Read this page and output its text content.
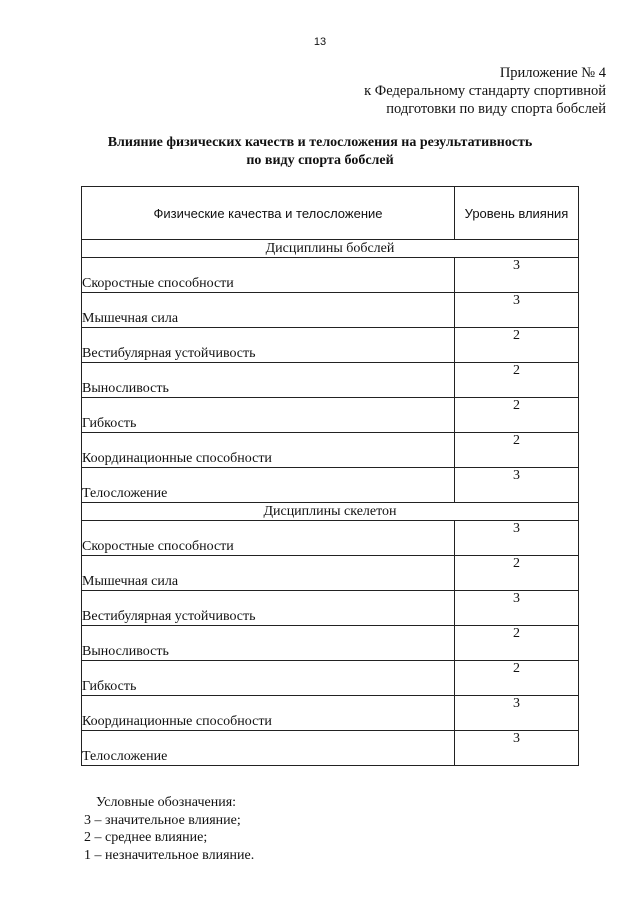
13
Приложение № 4
к Федеральному стандарту спортивной
подготовки по виду спорта бобслей
Влияние физических качеств и телосложения на результативность
по виду спорта бобслей
Физические качества и телосложение	Уровень влияния
Дисциплины бобслей	
Скоростные способности	3
Мышечная сила	3
Вестибулярная устойчивость	2
Выносливость	2
Гибкость	2
Координационные способности	2
Телосложение	3
Дисциплины скелетон	
Скоростные способности	3
Мышечная сила	2
Вестибулярная устойчивость	3
Выносливость	2
Гибкость	2
Координационные способности	3
Телосложение	3
Условные обозначения:
3 – значительное влияние;
2 – среднее влияние;
1 – незначительное влияние.
